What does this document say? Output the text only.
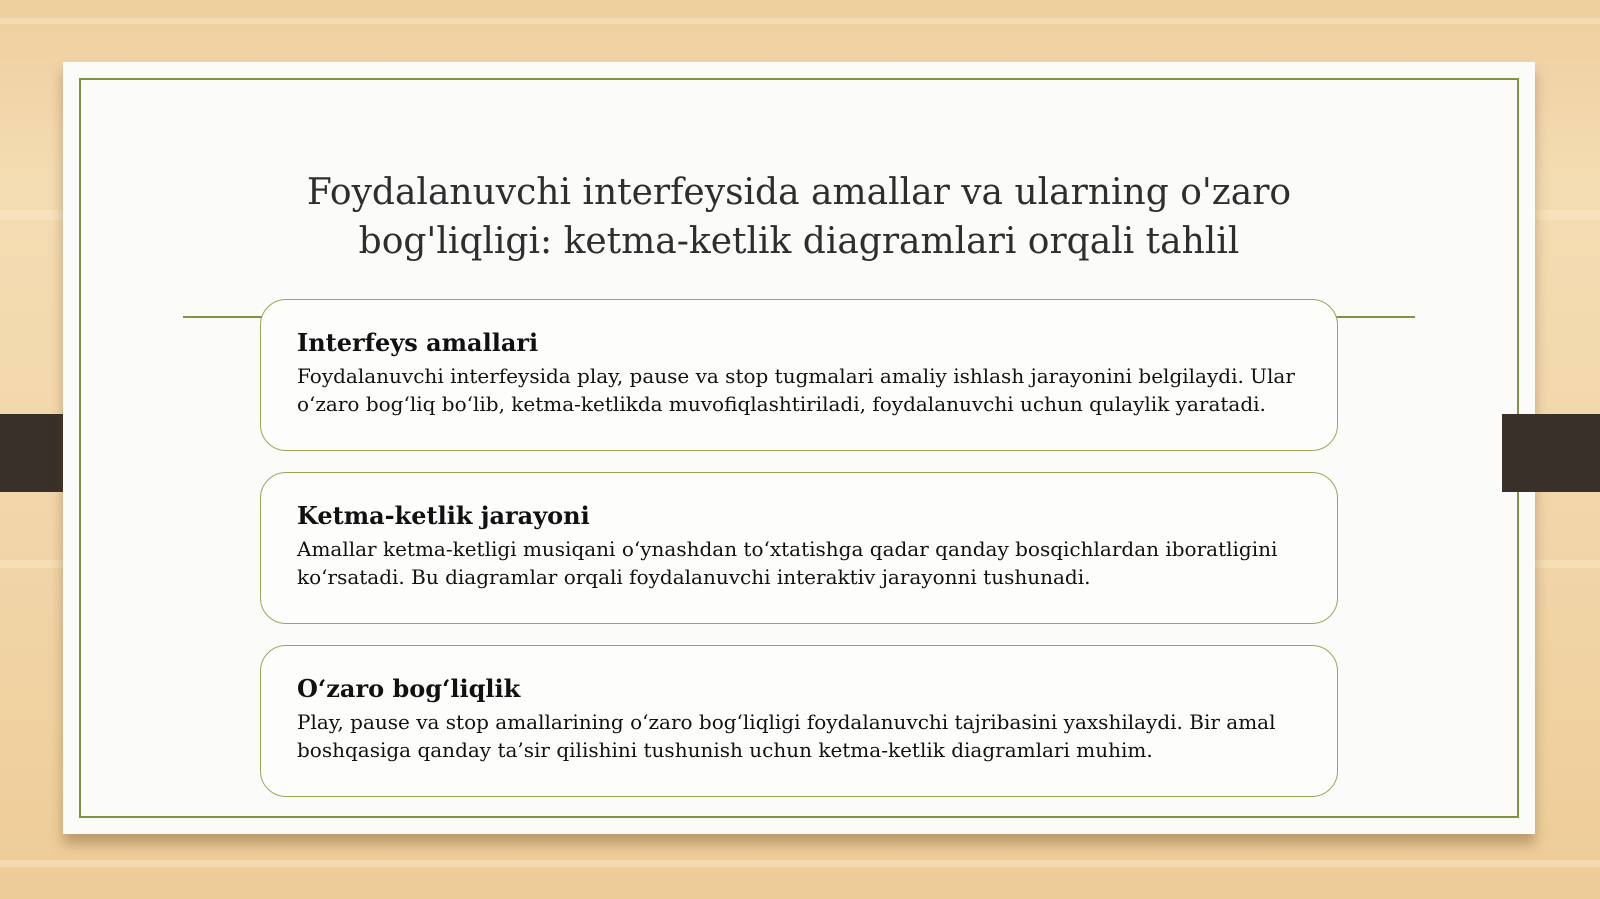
Foydalanuvchi interfeysida amallar va ularning o'zaro
bog'liqligi: ketma-ketlik diagramlari orqali tahlil
Interfeys amallari

Foydalanuvchi interfeysida play, pause va stop tugmalari amaliy ishlash jarayonini belgilaydi. Ular o‘zaro bog‘liq bo‘lib, ketma-ketlikda muvofiqlashtiriladi, foydalanuvchi uchun qulaylik yaratadi.

Ketma-ketlik jarayoni

Amallar ketma-ketligi musiqani o‘ynashdan to‘xtatishga qadar qanday bosqichlardan iboratligini ko‘rsatadi. Bu diagramlar orqali foydalanuvchi interaktiv jarayonni tushunadi.

O‘zaro bog‘liqlik

Play, pause va stop amallarining o‘zaro bog‘liqligi foydalanuvchi tajribasini yaxshilaydi. Bir amal boshqasiga qanday ta’sir qilishini tushunish uchun ketma-ketlik diagramlari muhim.
